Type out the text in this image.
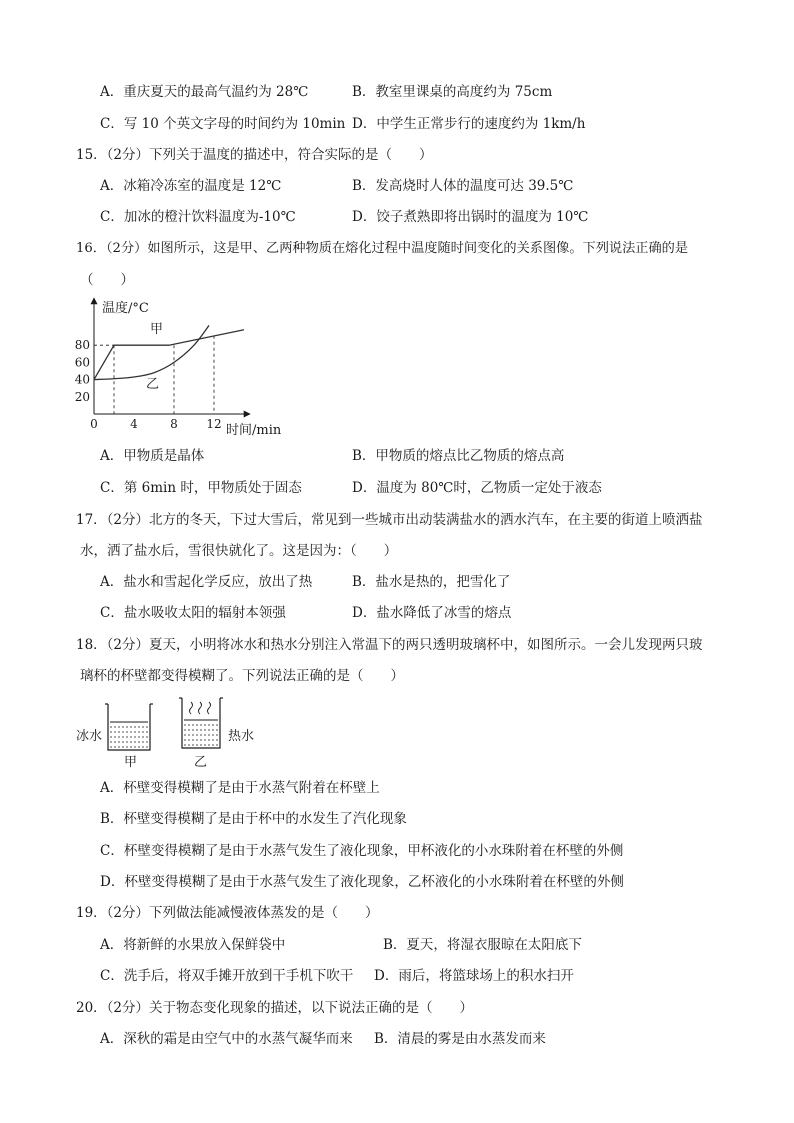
A．重庆夏天的最高气温约为 28℃	B．教室里课桌的高度约为 75cm
C．写 10 个英文字母的时间约为 10min D．中学生正常步行的速度约为 1km/h
15．（2分）下列关于温度的描述中，符合实际的是（　　）
A．冰箱冷冻室的温度是 12℃	B．发高烧时人体的温度可达 39.5℃
C．加冰的橙汁饮料温度为-10℃	D．饺子煮熟即将出锅时的温度为 10℃
16．（2分）如图所示，这是甲、乙两种物质在熔化过程中温度随时间变化的关系图像。下列说法正确的是
（　　）
温度/°C
时间/min
20
40
60
80
0	4	8 12
甲
乙
A．甲物质是晶体	B．甲物质的熔点比乙物质的熔点高
C．第 6min 时，甲物质处于固态	D．温度为 80℃时，乙物质一定处于液态
17．（2分）北方的冬天，下过大雪后，常见到一些城市出动装满盐水的洒水汽车，在主要的街道上喷洒盐
水，洒了盐水后，雪很快就化了。这是因为：（　　）
A．盐水和雪起化学反应，放出了热	B．盐水是热的，把雪化了
C．盐水吸收太阳的辐射本领强	D．盐水降低了冰雪的熔点
18．（2分）夏天，小明将冰水和热水分别注入常温下的两只透明玻璃杯中，如图所示。一会儿发现两只玻
璃杯的杯壁都变得模糊了。下列说法正确的是（　　）
冰水
甲	乙
热水
A．杯壁变得模糊了是由于水蒸气附着在杯壁上
B．杯壁变得模糊了是由于杯中的水发生了汽化现象
C．杯壁变得模糊了是由于水蒸气发生了液化现象，甲杯液化的小水珠附着在杯壁的外侧
D．杯壁变得模糊了是由于水蒸气发生了液化现象，乙杯液化的小水珠附着在杯壁的外侧
19．（2分）下列做法能减慢液体蒸发的是（　　）
A．将新鲜的水果放入保鲜袋中	B．夏天，将湿衣服晾在太阳底下
C．洗手后，将双手摊开放到干手机下吹干 D．雨后，将篮球场上的积水扫开
20．（2分）关于物态变化现象的描述，以下说法正确的是（　　）
A．深秋的霜是由空气中的水蒸气凝华而来 B．清晨的雾是由水蒸发而来
